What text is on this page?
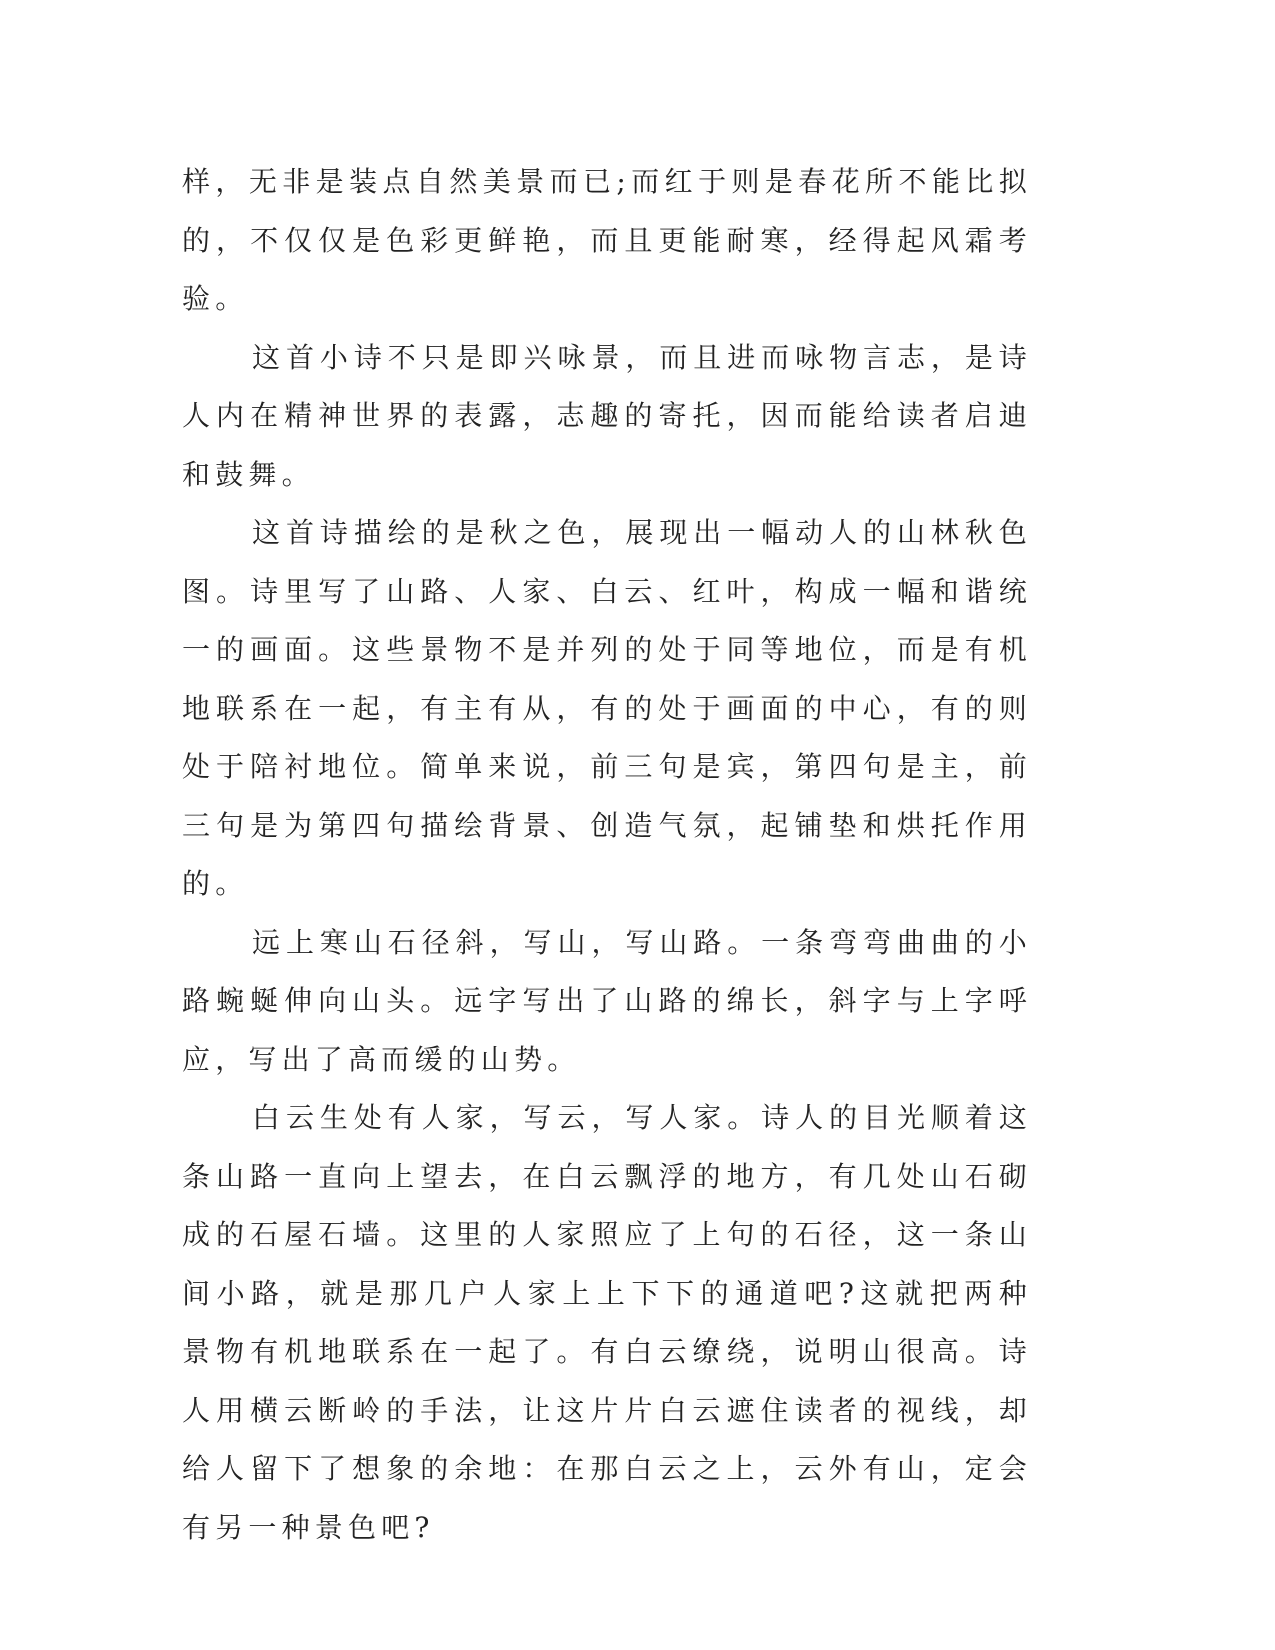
样，无非是装点自然美景而已;而红于则是春花所不能比拟的，不仅仅是色彩更鲜艳，而且更能耐寒，经得起风霜考验。

这首小诗不只是即兴咏景，而且进而咏物言志，是诗人内在精神世界的表露，志趣的寄托，因而能给读者启迪和鼓舞。

这首诗描绘的是秋之色，展现出一幅动人的山林秋色图。诗里写了山路、人家、白云、红叶，构成一幅和谐统一的画面。这些景物不是并列的处于同等地位，而是有机地联系在一起，有主有从，有的处于画面的中心，有的则处于陪衬地位。简单来说，前三句是宾，第四句是主，前三句是为第四句描绘背景、创造气氛，起铺垫和烘托作用的。

远上寒山石径斜，写山，写山路。一条弯弯曲曲的小路蜿蜒伸向山头。远字写出了山路的绵长，斜字与上字呼应，写出了高而缓的山势。

白云生处有人家，写云，写人家。诗人的目光顺着这条山路一直向上望去，在白云飘浮的地方，有几处山石砌成的石屋石墙。这里的人家照应了上句的石径，这一条山间小路，就是那几户人家上上下下的通道吧?这就把两种景物有机地联系在一起了。有白云缭绕，说明山很高。诗人用横云断岭的手法，让这片片白云遮住读者的视线，却给人留下了想象的余地：在那白云之上，云外有山，定会有另一种景色吧?
